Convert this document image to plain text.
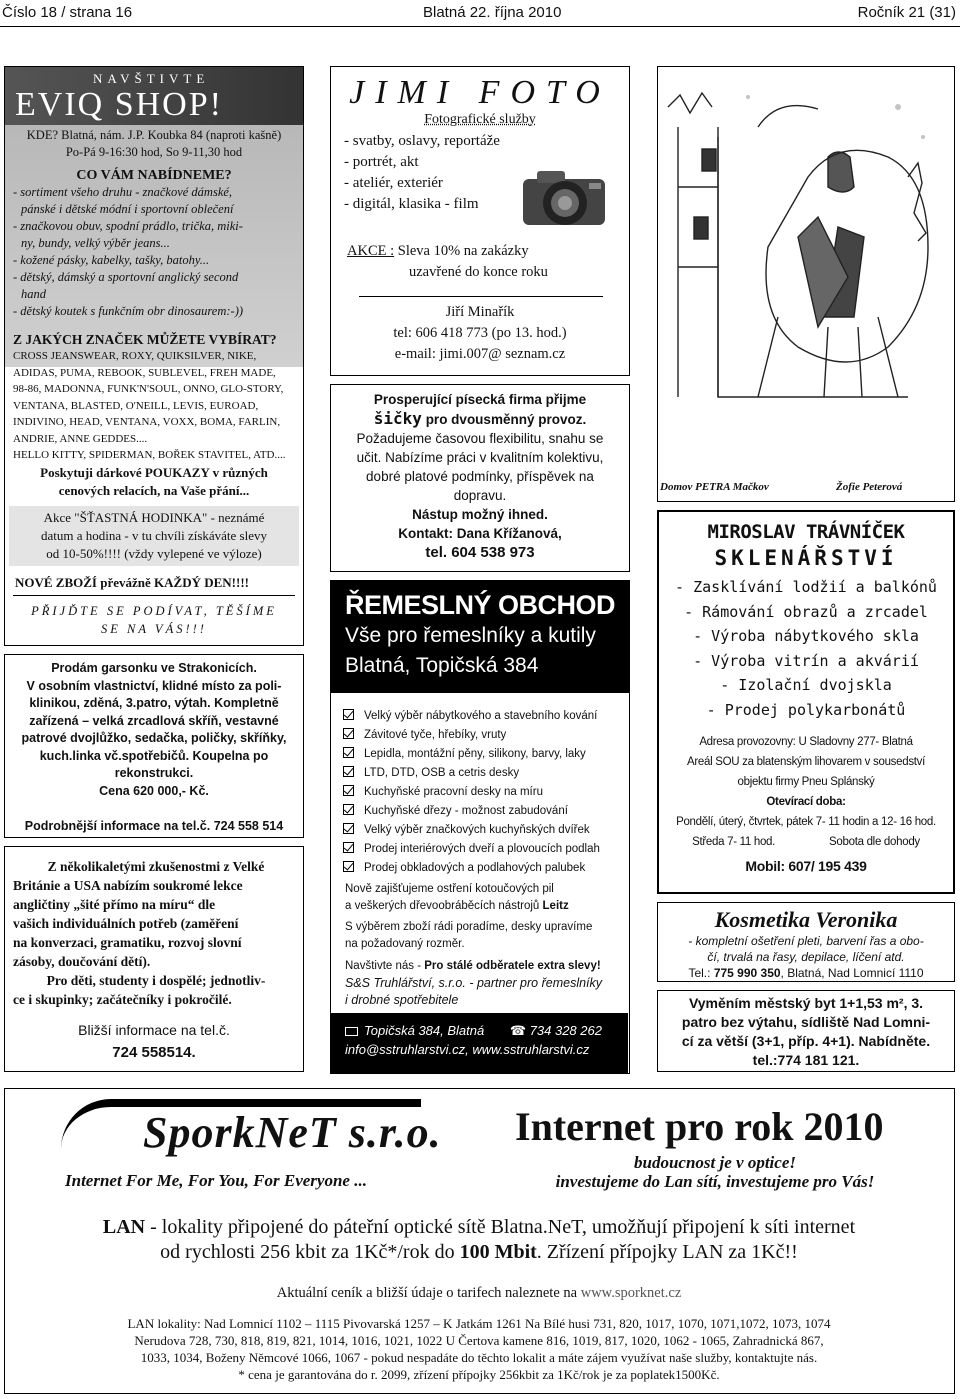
Číslo 18 / strana 16	Blatná 22. října 2010	Ročník 21 (31)
NAVŠTIVTE
EVIQ SHOP!
KDE? Blatná, nám. J.P. Koubka 84 (naproti kašně)
Po-Pá 9-16:30 hod, So 9-11,30 hod
CO VÁM NABÍDNEME?
- sortiment všeho druhu - značkové dámské,
pánské i dětské módní i sportovní oblečení
- značkovou obuv, spodní prádlo, trička, miki-
ny, bundy, velký výběr jeans...
- kožené pásky, kabelky, tašky, batohy...
- dětský, dámský a sportovní anglický second
hand
- dětský koutek s funkčním obr dinosaurem:-))
Z JAKÝCH ZNAČEK MŮŽETE VYBÍRAT?
CROSS JEANSWEAR, ROXY, QUIKSILVER, NIKE,
ADIDAS, PUMA, REBOOK, SUBLEVEL, FREH MADE,
98-86, MADONNA, FUNK'N'SOUL, ONNO, GLO-STORY,
VENTANA, BLASTED, O'NEILL, LEVIS, EUROAD,
INDIVINO, HEAD, VENTANA, VOXX, BOMA, FARLIN,
ANDRIE, ANNE GEDDES....
HELLO KITTY, SPIDERMAN, BOŘEK STAVITEL, ATD....
Poskytuji dárkové POUKAZY v různých
cenových relacích, na Vaše přání...
Akce "ŠŤASTNÁ HODINKA" - neznámé
datum a hodina - v tu chvíli získáváte slevy
od 10-50%!!!! (vždy vylepené ve výloze)
NOVÉ ZBOŽÍ převážně KAŽDÝ DEN!!!!
PŘIJĎTE SE PODÍVAT, TĚŠÍME
SE NA VÁS!!!
Prodám garsonku ve Strakonicích.
V osobním vlastnictví, klidné místo za poli-
klinikou, zděná, 3.patro, výtah. Kompletně
zařízená – velká zrcadlová skříň, vestavné
patrové dvojlůžko, sedačka, poličky, skříňky,
kuch.linka vč.spotřebičů. Koupelna po
rekonstrukci.
Cena 620 000,- Kč.
Podrobnější informace na tel.č. 724 558 514
Z několikaletými zkušenostmi z Velké
Británie a USA nabízím soukromé lekce
angličtiny „šité přímo na míru“ dle
vašich individuálních potřeb (zaměření
na konverzaci, gramatiku, rozvoj slovní
zásoby, doučování dětí).
Pro děti, studenty i dospělé; jednotliv-
ce i skupinky; začátečníky i pokročilé.
Bližší informace na tel.č.
724 558514.
JIMI FOTO
Fotografické služby
- svatby, oslavy, reportáže
- portrét, akt
- ateliér, exteriér
- digitál, klasika - film
AKCE : Sleva 10% na zakázky
uzavřené do konce roku
Jiří Minařík
tel: 606 418 773 (po 13. hod.)
e-mail: jimi.007@ seznam.cz
Prosperující písecká firma přijme
šičky pro dvousměnný provoz.
Požadujeme časovou flexibilitu, snahu se
učit. Nabízíme práci v kvalitním kolektivu,
dobré platové podmínky, příspěvek na
dopravu.
Nástup možný ihned.
Kontakt: Dana Křížanová,
tel. 604 538 973
ŘEMESLNÝ OBCHOD
Vše pro řemeslníky a kutily
Blatná, Topičská 384
Velký výběr nábytkového a stavebního kování
Závitové tyče, hřebíky, vruty
Lepidla, montážní pěny, silikony, barvy, laky
LTD, DTD, OSB a cetris desky
Kuchyňské pracovní desky na míru
Kuchyňské dřezy - možnost zabudování
Velký výběr značkových kuchyňských dvířek
Prodej interiérových dveří a plovoucích podlah
Prodej obkladových a podlahových palubek
Nově zajišťujeme ostření kotoučových pil
a veškerých dřevoobráběcích nástrojů Leitz
S výběrem zboží rádi poradíme, desky upravíme
na požadovaný rozměr.
Navštivte nás - Pro stálé odběratele extra slevy!
S&S Truhlářství, s.r.o. - partner pro řemeslníky
i drobné spotřebitele
Topičská 384, Blatná ☎ 734 328 262
info@sstruhlarstvi.cz, www.sstruhlarstvi.cz
Domov PETRA Mačkov	Žofie Peterová
MIROSLAV TRÁVNÍČEK
SKLENÁŘSTVÍ
- Zasklívání lodžií a balkónů
- Rámování obrazů a zrcadel
- Výroba nábytkového skla
- Výroba vitrín a akvárií
- Izolační dvojskla
- Prodej polykarbonátů
Adresa provozovny: U Sladovny 277- Blatná
Areál SOU za blatenským lihovarem v sousedství
objektu firmy Pneu Splánský
Otevírací doba:
Pondělí, úterý, čtvrtek, pátek 7- 11 hodin a 12- 16 hod.
Středa 7- 11 hod.	Sobota dle dohody
Mobil: 607/ 195 439
Kosmetika Veronika
- kompletní ošetření pleti, barvení řas a obo-
čí, trvalá na řasy, depilace, líčení atd.
Tel.: 775 990 350, Blatná, Nad Lomnicí 1110
Vyměním městský byt 1+1,53 m², 3.
patro bez výtahu, sídliště Nad Lomni-
cí za větší (3+1, příp. 4+1). Nabídněte.
tel.:774 181 121.
SporkNeT s.r.o.
Internet For Me, For You, For Everyone ...
Internet pro rok 2010
budoucnost je v optice!
investujeme do Lan sítí, investujeme pro Vás!
LAN - lokality připojené do páteřní optické sítě Blatna.NeT, umožňují připojení k síti internet
od rychlosti 256 kbit za 1Kč*/rok do 100 Mbit. Zřízení přípojky LAN za 1Kč!!
Aktuální ceník a bližší údaje o tarifech naleznete na www.sporknet.cz
LAN lokality: Nad Lomnicí 1102 – 1115 Pivovarská 1257 – K Jatkám 1261 Na Bílé husi 731, 820, 1017, 1070, 1071,1072, 1073, 1074
Nerudova 728, 730, 818, 819, 821, 1014, 1016, 1021, 1022 U Čertova kamene 816, 1019, 817, 1020, 1062 - 1065, Zahradnická 867,
1033, 1034, Boženy Němcové 1066, 1067 - pokud nespadáte do těchto lokalit a máte zájem využívat naše služby, kontaktujte nás.
* cena je garantována do r. 2099, zřízení přípojky 256kbit za 1Kč/rok je za poplatek1500Kč.
